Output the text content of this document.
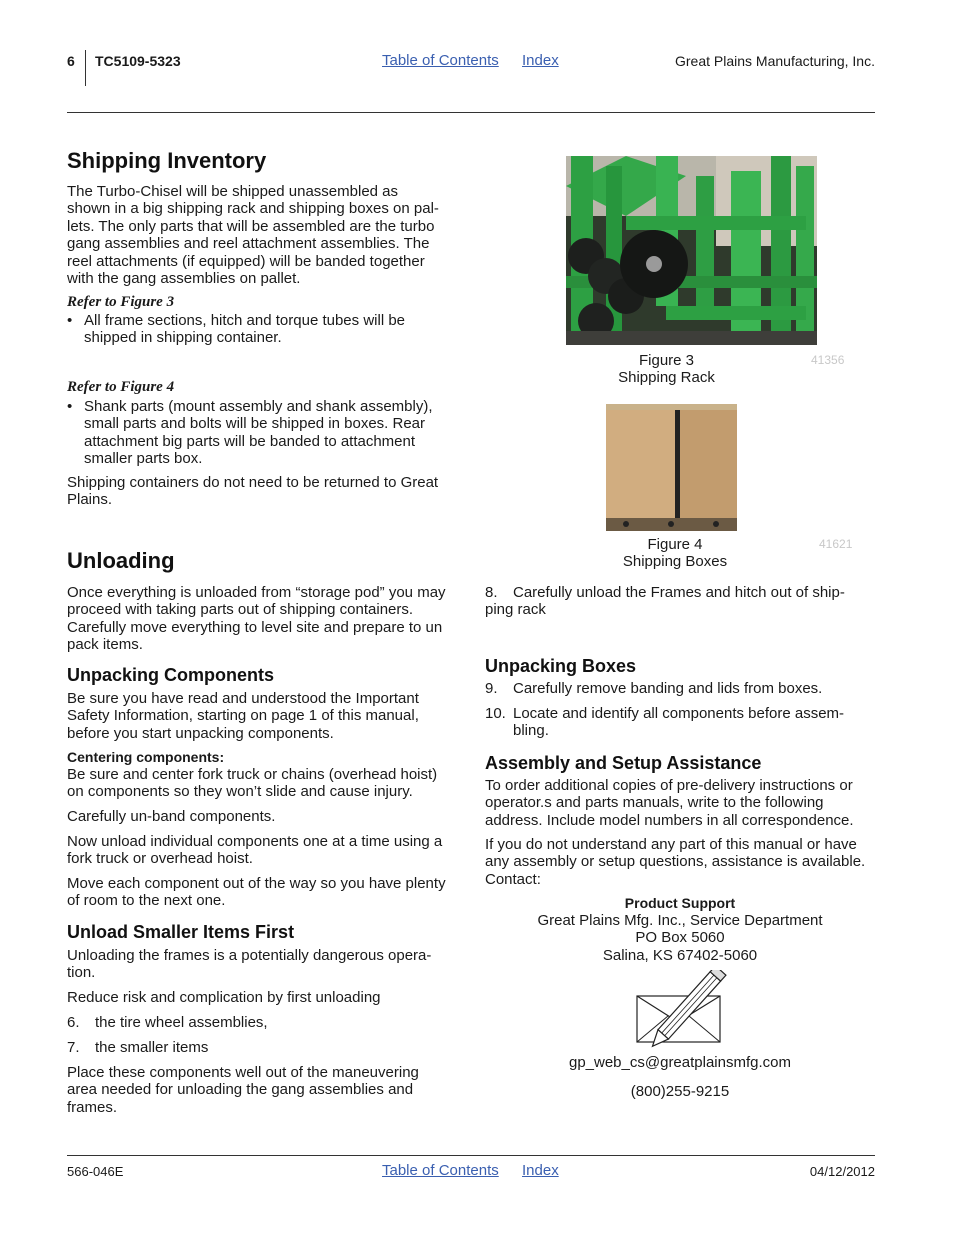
6 TC5109-5323	Table of Contents Index	Great Plains Manufacturing, Inc.
Shipping Inventory
The Turbo-Chisel will be shipped unassembled as
shown in a big shipping rack and shipping boxes on pal-
lets. The only parts that will be assembled are the turbo
gang assemblies and reel attachment assemblies. The
reel attachments (if equipped) will be banded together
with the gang assemblies on pallet.
Refer to Figure 3
• All frame sections, hitch and torque tubes will be
shipped in shipping container.
Refer to Figure 4
• Shank parts (mount assembly and shank assembly),
small parts and bolts will be shipped in boxes. Rear
attachment big parts will be banded to attachment
smaller parts box.
Shipping containers do not need to be returned to Great
Plains.
Unloading
Once everything is unloaded from “storage pod” you may
proceed with taking parts out of shipping containers.
Carefully move everything to level site and prepare to un
pack items.
Unpacking Components
Be sure you have read and understood the Important
Safety Information, starting on page 1 of this manual,
before you start unpacking components.
Centering components:
Be sure and center fork truck or chains (overhead hoist)
on components so they won’t slide and cause injury.
Carefully un-band components.
Now unload individual components one at a time using a
fork truck or overhead hoist.
Move each component out of the way so you have plenty
of room to the next one.
Unload Smaller Items First
Unloading the frames is a potentially dangerous opera-
tion.
Reduce risk and complication by first unloading
6. the tire wheel assemblies,
7. the smaller items
Place these components well out of the maneuvering
area needed for unloading the gang assemblies and
frames.
Figure 3
Shipping Rack
41356
Figure 4
Shipping Boxes
41621
8. Carefully unload the Frames and hitch out of ship-
ping rack
Unpacking Boxes
9. Carefully remove banding and lids from boxes.
10. Locate and identify all components before assem-
bling.
Assembly and Setup Assistance
To order additional copies of pre-delivery instructions or
operator.s and parts manuals, write to the following
address. Include model numbers in all correspondence.
If you do not understand any part of this manual or have
any assembly or setup questions, assistance is available.
Contact:
Product Support
Great Plains Mfg. Inc., Service Department
PO Box 5060
Salina, KS 67402-5060
gp_web_cs@greatplainsmfg.com
(800)255-9215
566-046E	Table of Contents Index	04/12/2012
